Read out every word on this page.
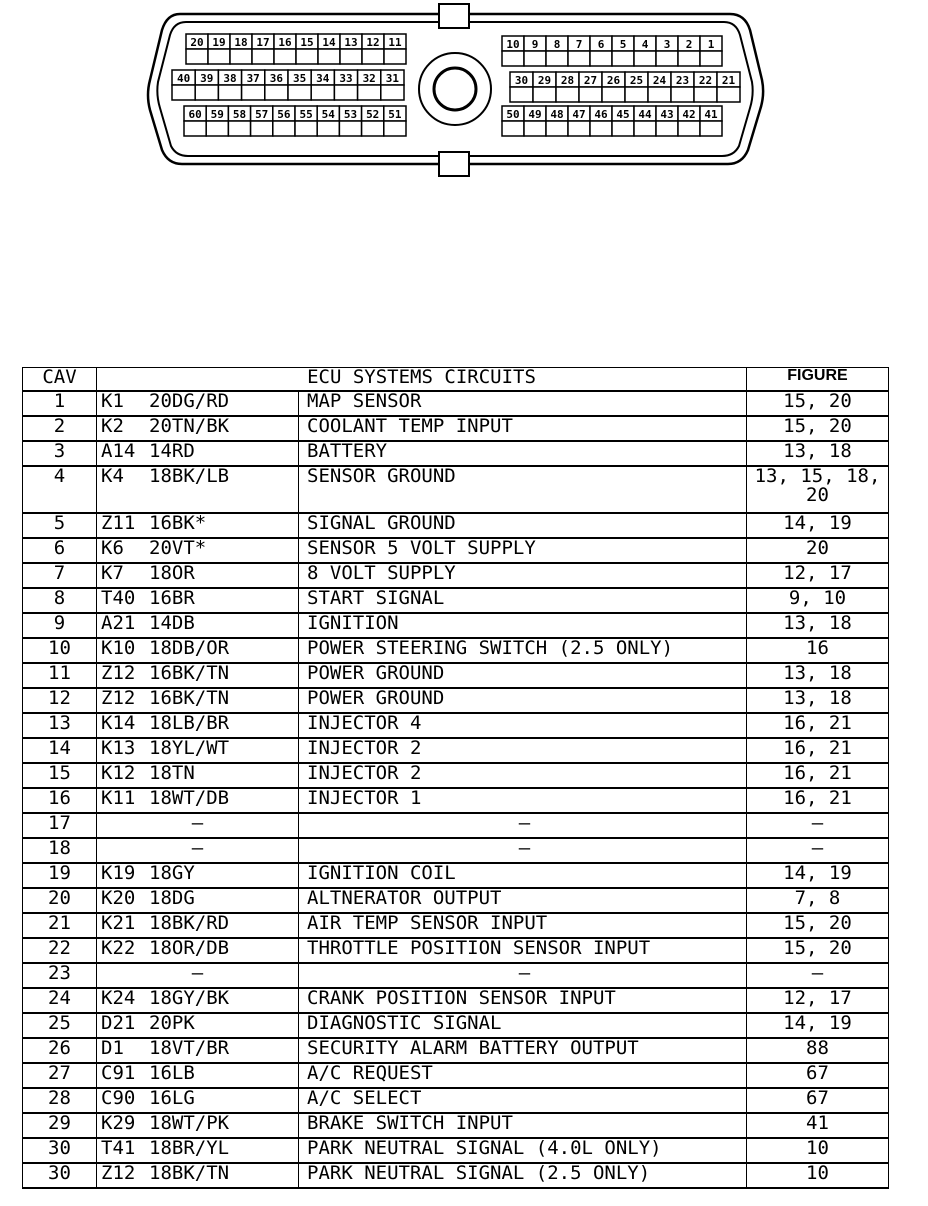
20 19 18 17 16 15 14 13 12 11	10 9 8 7 6 5 4 3 2 1
40 39 38 37 36 35 34 33 32 31	30 29 28 27 26 25 24 23 22 21
60 59 58 57 56 55 54 53 52 51	50 49 48 47 46 45 44 43 42 41
CAV	ECU SYSTEMS CIRCUITS		FIGURE
1	K1 20DG/RD	MAP SENSOR	15, 20
2	K2 20TN/BK	COOLANT TEMP INPUT	15, 20
3	A14 14RD	BATTERY	13, 18
4	K4 18BK/LB	SENSOR GROUND	13, 15, 18, 20
5	Z11 16BK*	SIGNAL GROUND	14, 19
6	K6 20VT*	SENSOR 5 VOLT SUPPLY	20
7	K7 18OR	8 VOLT SUPPLY	12, 17
8	T40 16BR	START SIGNAL	9, 10
9	A21 14DB	IGNITION	13, 18
10	K10 18DB/OR	POWER STEERING SWITCH (2.5 ONLY)	16
11	Z12 16BK/TN	POWER GROUND	13, 18
12	Z12 16BK/TN	POWER GROUND	13, 18
13	K14 18LB/BR	INJECTOR 4	16, 21
14	K13 18YL/WT	INJECTOR 2	16, 21
15	K12 18TN	INJECTOR 2	16, 21
16	K11 18WT/DB	INJECTOR 1	16, 21
17	—	—	—
18	—	—	—
19	K19 18GY	IGNITION COIL	14, 19
20	K20 18DG	ALTNERATOR OUTPUT	7, 8
21	K21 18BK/RD	AIR TEMP SENSOR INPUT	15, 20
22	K22 18OR/DB	THROTTLE POSITION SENSOR INPUT	15, 20
23	—	—	—
24	K24 18GY/BK	CRANK POSITION SENSOR INPUT	12, 17
25	D21 20PK	DIAGNOSTIC SIGNAL	14, 19
26	D1 18VT/BR	SECURITY ALARM BATTERY OUTPUT	88
27	C91 16LB	A/C REQUEST	67
28	C90 16LG	A/C SELECT	67
29	K29 18WT/PK	BRAKE SWITCH INPUT	41
30	T41 18BR/YL	PARK NEUTRAL SIGNAL (4.0L ONLY)	10
30	Z12 18BK/TN	PARK NEUTRAL SIGNAL (2.5 ONLY)	10
